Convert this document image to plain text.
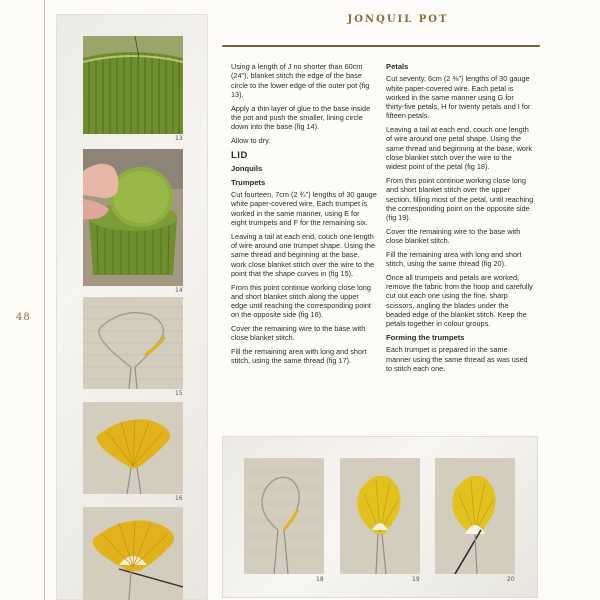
48
JONQUIL POT
13
14
15
16

Using a length of J no shorter than 60cm (24"), blanket stitch the edge of the base circle to the lower edge of the outer pot (fig 13).

Apply a thin layer of glue to the base inside the pot and push the smaller, lining circle down into the base (fig 14).

Allow to dry.

LID
Jonquils
Trumpets

Cut fourteen, 7cm (2 ¾") lengths of 30 gauge white paper-covered wire. Each trumpet is worked in the same manner, using E for eight trumpets and F for the remaining six.

Leaving a tail at each end, couch one length of wire around one trumpet shape. Using the same thread and beginning at the base, work close blanket stitch over the wire to the point that the shape curves in (fig 15).

From this point continue working close long and short blanket stitch along the upper edge until reaching the corresponding point on the opposite side (fig 16).

Cover the remaining wire to the base with close blanket stitch.

Fill the remaining area with long and short stitch, using the same thread (fig 17).

Petals

Cut seventy, 6cm (2 ⅜") lengths of 30 gauge white paper-covered wire. Each petal is worked in the same manner using G for thirty-five petals, H for twenty petals and I for fifteen petals.

Leaving a tail at each end, couch one length of wire around one petal shape. Using the same thread and beginning at the base, work close blanket stitch over the wire to the widest point of the petal (fig 18).

From this point continue working close long and short blanket stitch over the upper section, filling most of the petal, until reaching the corresponding point on the opposite side (fig 19).

Cover the remaining wire to the base with close blanket stitch.

Fill the remaining area with long and short stitch, using the same thread (fig 20).

Once all trumpets and petals are worked, remove the fabric from the hoop and carefully cut out each one using the fine, sharp scissors, angling the blades under the beaded edge of the blanket stitch. Keep the petals together in colour groups.

Forming the trumpets

Each trumpet is prepared in the same manner using the same thread as was used to stitch each one.

18	19	20
